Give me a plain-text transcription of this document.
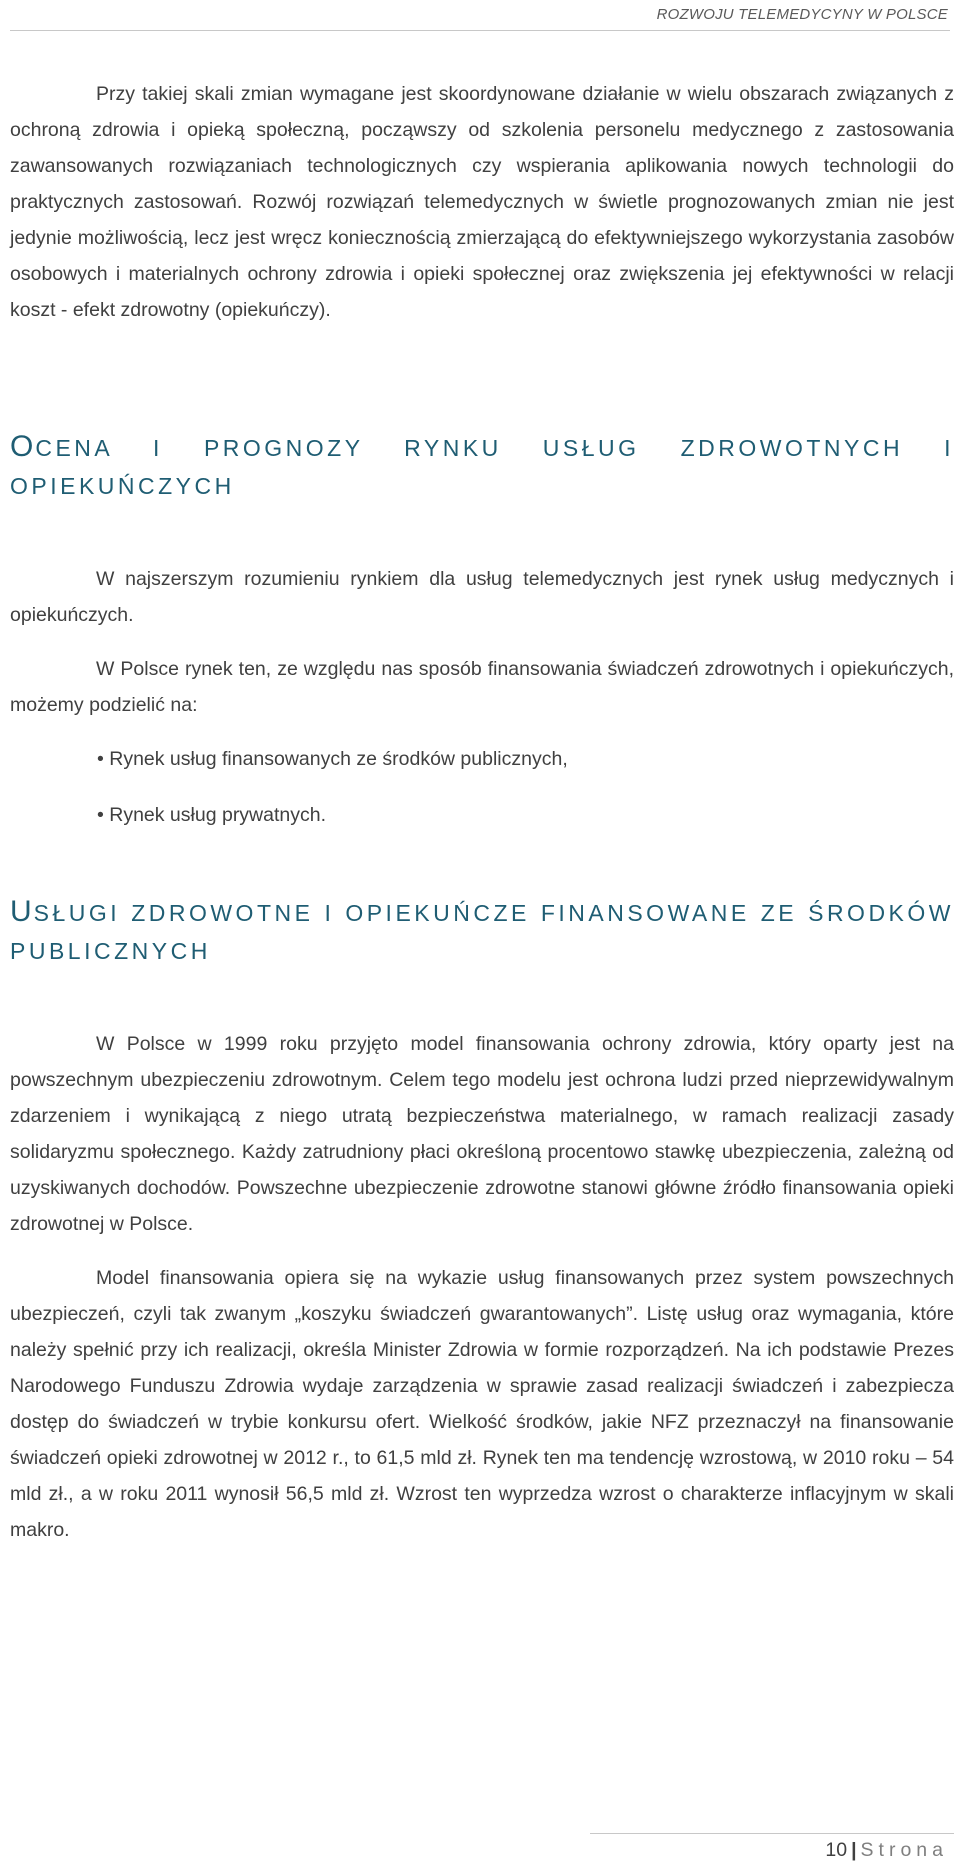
ROZWOJU TELEMEDYCYNY W POLSCE

Przy takiej skali zmian wymagane jest skoordynowane działanie w wielu obszarach związanych z ochroną zdrowia i opieką społeczną, począwszy od szkolenia personelu medycznego z zastosowania zawansowanych rozwiązaniach technologicznych czy wspierania aplikowania nowych technologii do praktycznych zastosowań. Rozwój rozwiązań telemedycznych w świetle prognozowanych zmian nie jest jedynie możliwością, lecz jest wręcz koniecznością zmierzającą do efektywniejszego wykorzystania zasobów osobowych i materialnych ochrony zdrowia i opieki społecznej oraz zwiększenia jej efektywności w relacji koszt - efekt zdrowotny (opiekuńczy).

OCENA I PROGNOZY RYNKU USŁUG ZDROWOTNYCH I OPIEKUŃCZYCH

W najszerszym rozumieniu rynkiem dla usług telemedycznych jest rynek usług medycznych i opiekuńczych.

W Polsce rynek ten, ze względu nas sposób finansowania świadczeń zdrowotnych i opiekuńczych, możemy podzielić na:

• Rynek usług finansowanych ze środków publicznych,
• Rynek usług prywatnych.
USŁUGI ZDROWOTNE I OPIEKUŃCZE FINANSOWANE ZE ŚRODKÓW PUBLICZNYCH

W Polsce w 1999 roku przyjęto model finansowania ochrony zdrowia, który oparty jest na powszechnym ubezpieczeniu zdrowotnym. Celem tego modelu jest ochrona ludzi przed nieprzewidywalnym zdarzeniem i wynikającą z niego utratą bezpieczeństwa materialnego, w ramach realizacji zasady solidaryzmu społecznego. Każdy zatrudniony płaci określoną procentowo stawkę ubezpieczenia, zależną od uzyskiwanych dochodów. Powszechne ubezpieczenie zdrowotne stanowi główne źródło finansowania opieki zdrowotnej w Polsce.

Model finansowania opiera się na wykazie usług finansowanych przez system powszechnych ubezpieczeń, czyli tak zwanym „koszyku świadczeń gwarantowanych”. Listę usług oraz wymagania, które należy spełnić przy ich realizacji, określa Minister Zdrowia w formie rozporządzeń. Na ich podstawie Prezes Narodowego Funduszu Zdrowia wydaje zarządzenia w sprawie zasad realizacji świadczeń i zabezpiecza dostęp do świadczeń w trybie konkursu ofert. Wielkość środków, jakie NFZ przeznaczył na finansowanie świadczeń opieki zdrowotnej w 2012 r., to 61,5 mld zł. Rynek ten ma tendencję wzrostową, w 2010 roku – 54 mld zł., a w roku 2011 wynosił 56,5 mld zł. Wzrost ten wyprzedza wzrost o charakterze inflacyjnym w skali makro.

10 | Strona
